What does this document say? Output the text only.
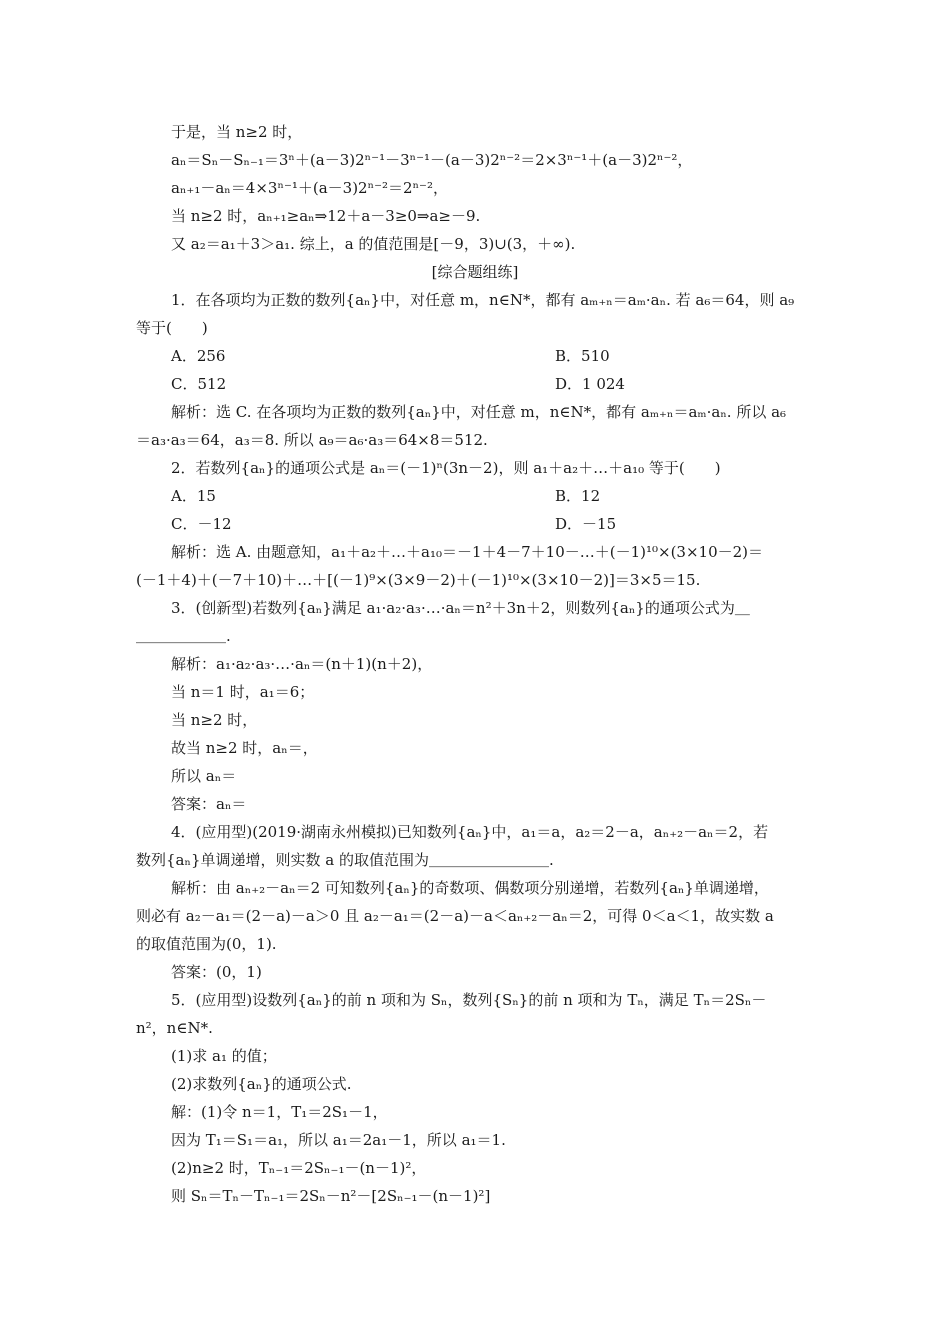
于是，当 n≥2 时，
aₙ＝Sₙ－Sₙ₋₁＝3ⁿ＋(a－3)2ⁿ⁻¹－3ⁿ⁻¹－(a－3)2ⁿ⁻²＝2×3ⁿ⁻¹＋(a－3)2ⁿ⁻²，
aₙ₊₁－aₙ＝4×3ⁿ⁻¹＋(a－3)2ⁿ⁻²＝2ⁿ⁻²，
当 n≥2 时，aₙ₊₁≥aₙ⇒12＋a－3≥0⇒a≥－9.
又 a₂＝a₁＋3＞a₁. 综上，a 的值范围是[－9，3)∪(3，＋∞).
[综合题组练]
1．在各项均为正数的数列{aₙ}中，对任意 m，n∈N*，都有 aₘ₊ₙ＝aₘ·aₙ. 若 a₆＝64，则 a₉
等于(　　)
A．256	B．510
C．512	D．1 024
解析：选 C. 在各项均为正数的数列{aₙ}中，对任意 m，n∈N*，都有 aₘ₊ₙ＝aₘ·aₙ. 所以 a₆
＝a₃·a₃＝64，a₃＝8. 所以 a₉＝a₆·a₃＝64×8＝512.
2．若数列{aₙ}的通项公式是 aₙ＝(－1)ⁿ(3n－2)，则 a₁＋a₂＋…＋a₁₀ 等于(　　)
A．15	B．12
C．－12	D．－15
解析：选 A. 由题意知，a₁＋a₂＋…＋a₁₀＝－1＋4－7＋10－…＋(－1)¹⁰×(3×10－2)＝
(－1＋4)＋(－7＋10)＋…＋[(－1)⁹×(3×9－2)＋(－1)¹⁰×(3×10－2)]＝3×5＝15.
3．(创新型)若数列{aₙ}满足 a₁·a₂·a₃·…·aₙ＝n²＋3n＋2，则数列{aₙ}的通项公式为＿
＿＿＿＿＿＿.
解析：a₁·a₂·a₃·…·aₙ＝(n＋1)(n＋2)，
当 n＝1 时，a₁＝6；
当 n≥2 时，
故当 n≥2 时，aₙ＝，
所以 aₙ＝
答案：aₙ＝
4．(应用型)(2019·湖南永州模拟)已知数列{aₙ}中，a₁＝a，a₂＝2－a，aₙ₊₂－aₙ＝2，若
数列{aₙ}单调递增，则实数 a 的取值范围为＿＿＿＿＿＿＿＿.
解析：由 aₙ₊₂－aₙ＝2 可知数列{aₙ}的奇数项、偶数项分别递增，若数列{aₙ}单调递增，
则必有 a₂－a₁＝(2－a)－a＞0 且 a₂－a₁＝(2－a)－a＜aₙ₊₂－aₙ＝2，可得 0＜a＜1，故实数 a
的取值范围为(0，1).
答案：(0，1)
5．(应用型)设数列{aₙ}的前 n 项和为 Sₙ，数列{Sₙ}的前 n 项和为 Tₙ，满足 Tₙ＝2Sₙ－
n²，n∈N*.
(1)求 a₁ 的值；
(2)求数列{aₙ}的通项公式.
解：(1)令 n＝1，T₁＝2S₁－1，
因为 T₁＝S₁＝a₁，所以 a₁＝2a₁－1，所以 a₁＝1.
(2)n≥2 时，Tₙ₋₁＝2Sₙ₋₁－(n－1)²，
则 Sₙ＝Tₙ－Tₙ₋₁＝2Sₙ－n²－[2Sₙ₋₁－(n－1)²]
